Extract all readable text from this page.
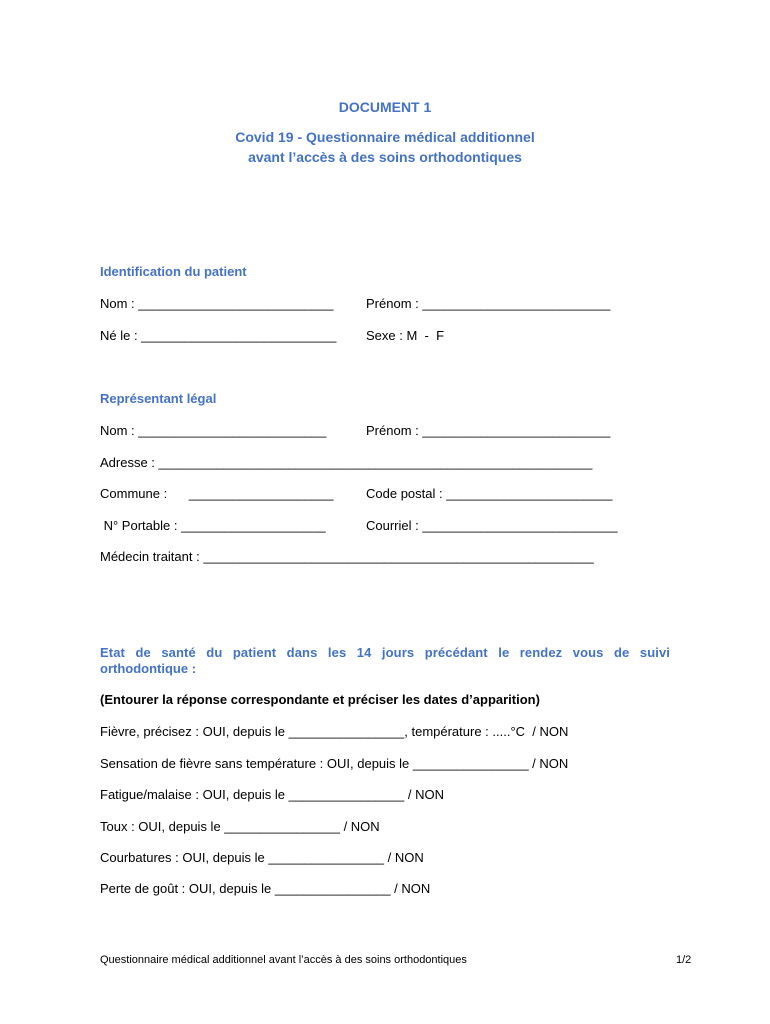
DOCUMENT 1
Covid 19 - Questionnaire médical additionnel
avant l’accès à des soins orthodontiques
Identification du patient
Nom : ___________________________	Prénom : __________________________
Né le : ___________________________ Sexe : M  -  F
Représentant légal
Nom : __________________________	Prénom : __________________________
Adresse : ____________________________________________________________
Commune :      ____________________	Code postal : _______________________
N° Portable : ____________________	Courriel : ___________________________
Médecin traitant : ______________________________________________________
Etat de santé du patient dans les 14 jours précédant le rendez vous de suivi
orthodontique :
(Entourer la réponse correspondante et préciser les dates d’apparition)
Fièvre, précisez : OUI, depuis le ________________, température : .....°C  / NON
Sensation de fièvre sans température : OUI, depuis le ________________ / NON
Fatigue/malaise : OUI, depuis le ________________ / NON
Toux : OUI, depuis le ________________ / NON
Courbatures : OUI, depuis le ________________ / NON
Perte de goût : OUI, depuis le ________________ / NON
Questionnaire médical additionnel avant l’accès à des soins orthodontiques	1/2
